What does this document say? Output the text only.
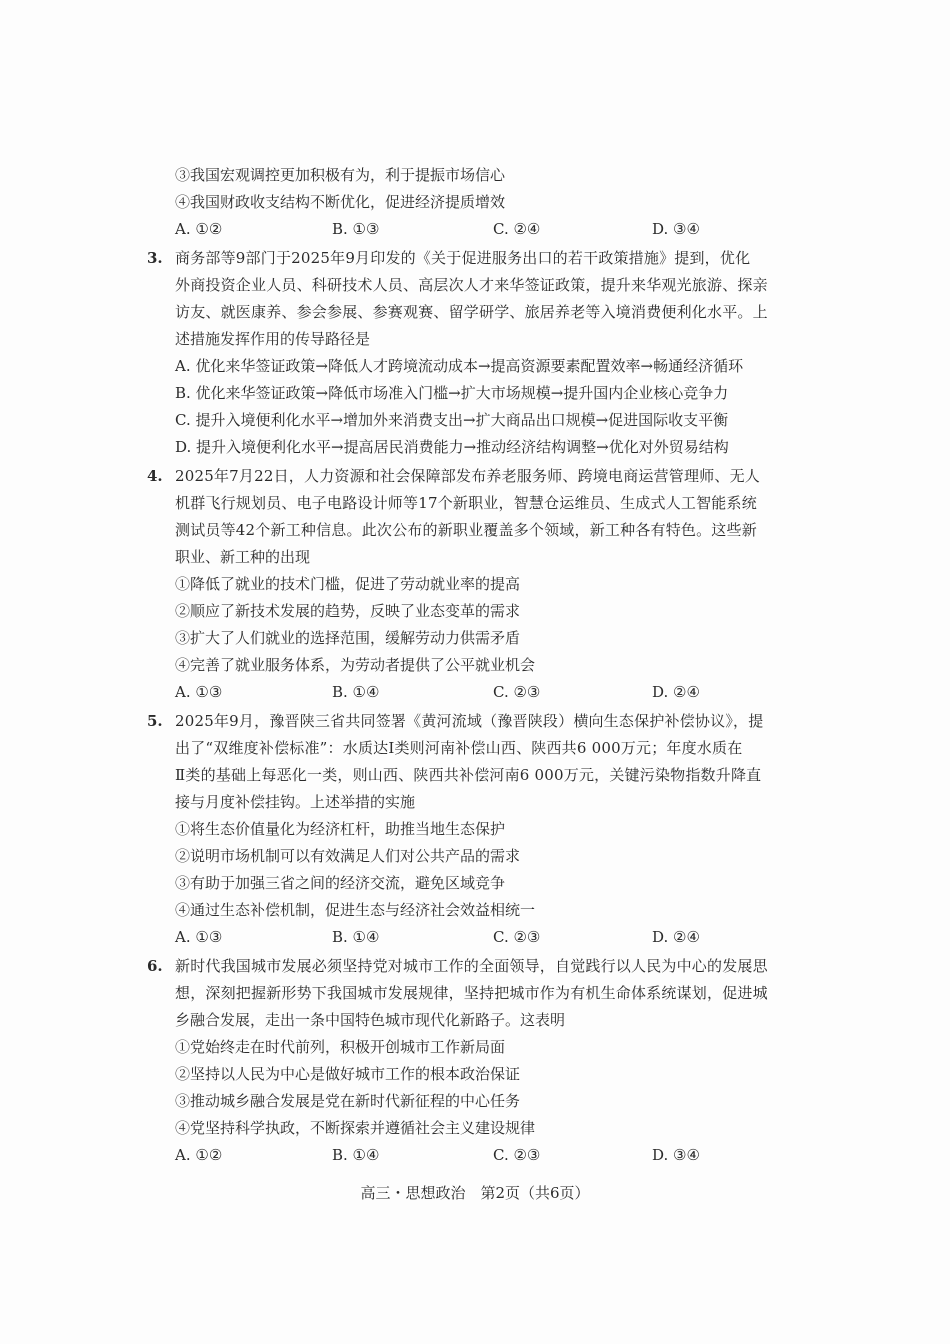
③我国宏观调控更加积极有为，利于提振市场信心
④我国财政收支结构不断优化，促进经济提质增效
A. ①②	B. ①③	C. ②④	D. ③④
3. 商务部等9部门于2025年9月印发的《关于促进服务出口的若干政策措施》提到，优化
外商投资企业人员、科研技术人员、高层次人才来华签证政策，提升来华观光旅游、探亲
访友、就医康养、参会参展、参赛观赛、留学研学、旅居养老等入境消费便利化水平。上
述措施发挥作用的传导路径是
A. 优化来华签证政策→降低人才跨境流动成本→提高资源要素配置效率→畅通经济循环
B. 优化来华签证政策→降低市场准入门槛→扩大市场规模→提升国内企业核心竞争力
C. 提升入境便利化水平→增加外来消费支出→扩大商品出口规模→促进国际收支平衡
D. 提升入境便利化水平→提高居民消费能力→推动经济结构调整→优化对外贸易结构
4. 2025年7月22日，人力资源和社会保障部发布养老服务师、跨境电商运营管理师、无人
机群飞行规划员、电子电路设计师等17个新职业，智慧仓运维员、生成式人工智能系统
测试员等42个新工种信息。此次公布的新职业覆盖多个领域，新工种各有特色。这些新
职业、新工种的出现
①降低了就业的技术门槛，促进了劳动就业率的提高
②顺应了新技术发展的趋势，反映了业态变革的需求
③扩大了人们就业的选择范围，缓解劳动力供需矛盾
④完善了就业服务体系，为劳动者提供了公平就业机会
A. ①③	B. ①④	C. ②③	D. ②④
5. 2025年9月，豫晋陕三省共同签署《黄河流域（豫晋陕段）横向生态保护补偿协议》，提
出了“双维度补偿标准”：水质达Ⅰ类则河南补偿山西、陕西共6 000万元；年度水质在
Ⅱ类的基础上每恶化一类，则山西、陕西共补偿河南6 000万元，关键污染物指数升降直
接与月度补偿挂钩。上述举措的实施
①将生态价值量化为经济杠杆，助推当地生态保护
②说明市场机制可以有效满足人们对公共产品的需求
③有助于加强三省之间的经济交流，避免区域竞争
④通过生态补偿机制，促进生态与经济社会效益相统一
A. ①③	B. ①④	C. ②③	D. ②④
6. 新时代我国城市发展必须坚持党对城市工作的全面领导，自觉践行以人民为中心的发展思
想，深刻把握新形势下我国城市发展规律，坚持把城市作为有机生命体系统谋划，促进城
乡融合发展，走出一条中国特色城市现代化新路子。这表明
①党始终走在时代前列，积极开创城市工作新局面
②坚持以人民为中心是做好城市工作的根本政治保证
③推动城乡融合发展是党在新时代新征程的中心任务
④党坚持科学执政，不断探索并遵循社会主义建设规律
A. ①②	B. ①④	C. ②③	D. ③④
高三・思想政治　第2页（共6页）
